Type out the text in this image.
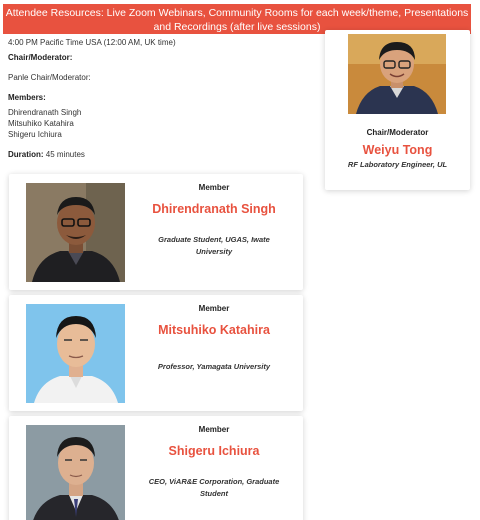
Attendee Resources: Live Zoom Webinars, Community Rooms for each week/theme, Presentations and Recordings (after live sessions)
4:00 PM Pacific Time USA (12:00 AM, UK time)
Chair/Moderator:
Panle Chair/Moderator:
Members:
Dhirendranath Singh
Mitsuhiko Katahira
Shigeru Ichiura
Duration: 45 minutes
Chair/Moderator
Weiyu Tong
RF Laboratory Engineer, UL
Member
Dhirendranath Singh
Graduate Student, UGAS, Iwate University
Member
Mitsuhiko Katahira
Professor, Yamagata University
Member
Shigeru Ichiura
CEO, ViAR&E Corporation, Graduate Student
